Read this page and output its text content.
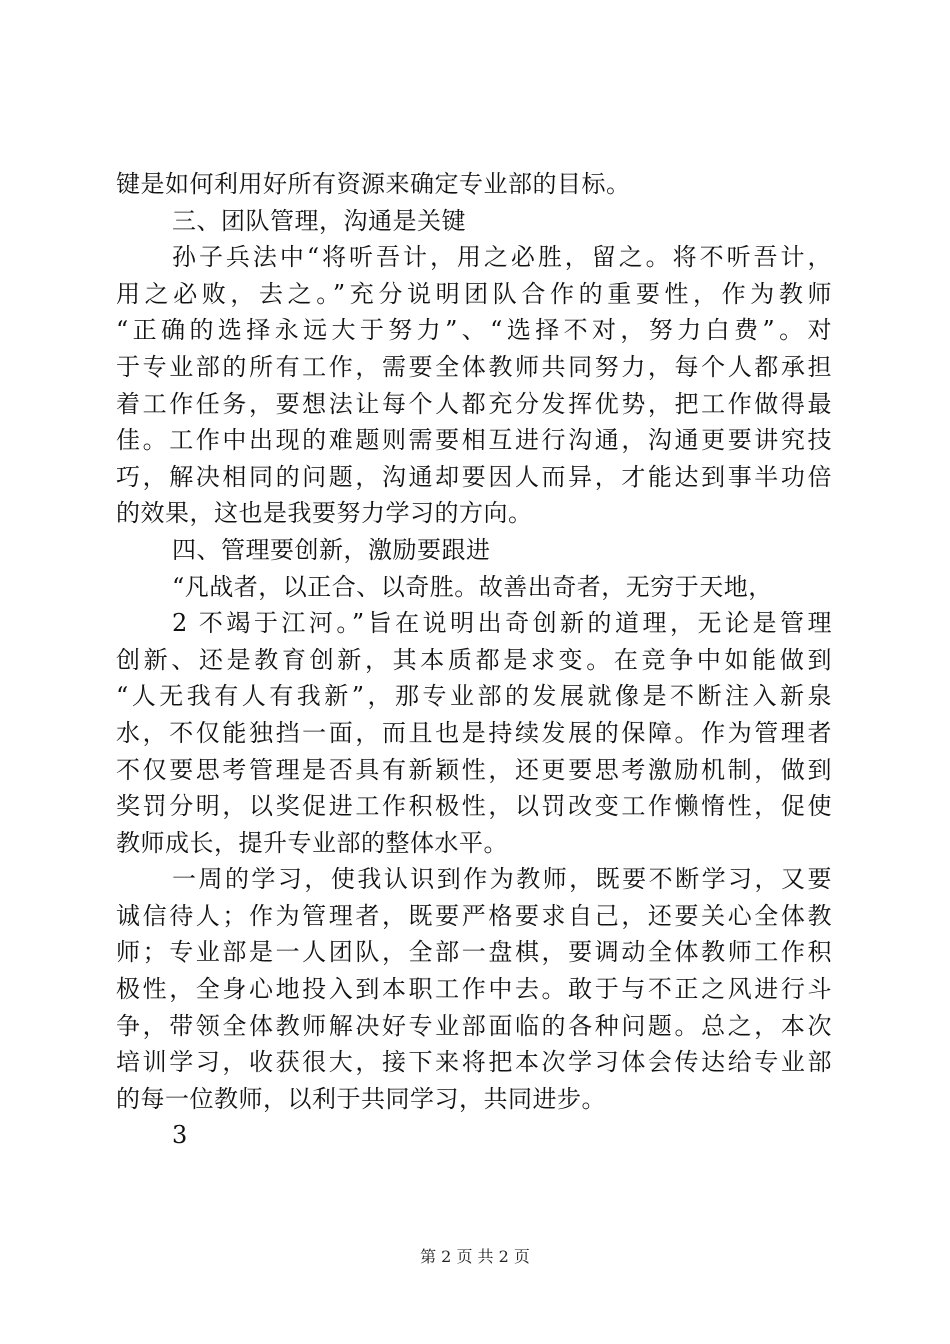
键是如何利用好所有资源来确定专业部的目标。
三、团队管理，沟通是关键
孙子兵法中“将听吾计，用之必胜，留之。将不听吾计，
用之必败，去之。”充分说明团队合作的重要性，作为教师
“正确的选择永远大于努力”、“选择不对，努力白费”。对
于专业部的所有工作，需要全体教师共同努力，每个人都承担
着工作任务，要想法让每个人都充分发挥优势，把工作做得最
佳。工作中出现的难题则需要相互进行沟通，沟通更要讲究技
巧，解决相同的问题，沟通却要因人而异，才能达到事半功倍
的效果，这也是我要努力学习的方向。
四、管理要创新，激励要跟进
“凡战者，以正合、以奇胜。故善出奇者，无穷于天地，
2 不竭于江河。”旨在说明出奇创新的道理，无论是管理
创新、还是教育创新，其本质都是求变。在竞争中如能做到
“人无我有人有我新”，那专业部的发展就像是不断注入新泉
水，不仅能独挡一面，而且也是持续发展的保障。作为管理者
不仅要思考管理是否具有新颖性，还更要思考激励机制，做到
奖罚分明，以奖促进工作积极性，以罚改变工作懒惰性，促使
教师成长，提升专业部的整体水平。
一周的学习，使我认识到作为教师，既要不断学习，又要
诚信待人；作为管理者，既要严格要求自己，还要关心全体教
师；专业部是一人团队，全部一盘棋，要调动全体教师工作积
极性，全身心地投入到本职工作中去。敢于与不正之风进行斗
争，带领全体教师解决好专业部面临的各种问题。总之，本次
培训学习，收获很大，接下来将把本次学习体会传达给专业部
的每一位教师，以利于共同学习，共同进步。
3
第 2 页 共 2 页
